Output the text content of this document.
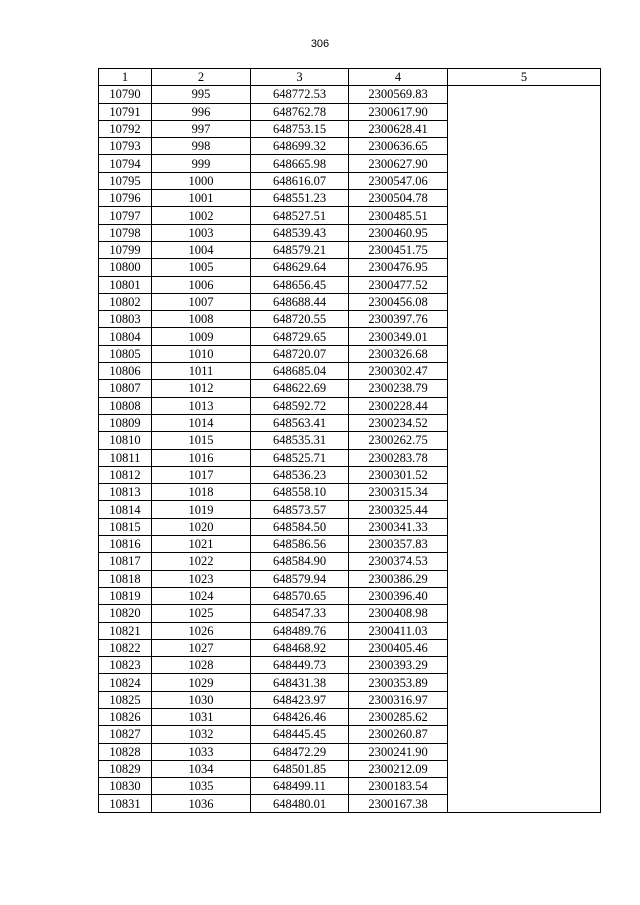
306
1	2	3	4	5
10790	995	648772.53	2300569.83	
10791	996	648762.78	2300617.90	
10792	997	648753.15	2300628.41	
10793	998	648699.32	2300636.65	
10794	999	648665.98	2300627.90	
10795	1000	648616.07	2300547.06	
10796	1001	648551.23	2300504.78	
10797	1002	648527.51	2300485.51	
10798	1003	648539.43	2300460.95	
10799	1004	648579.21	2300451.75	
10800	1005	648629.64	2300476.95	
10801	1006	648656.45	2300477.52	
10802	1007	648688.44	2300456.08	
10803	1008	648720.55	2300397.76	
10804	1009	648729.65	2300349.01	
10805	1010	648720.07	2300326.68	
10806	1011	648685.04	2300302.47	
10807	1012	648622.69	2300238.79	
10808	1013	648592.72	2300228.44	
10809	1014	648563.41	2300234.52	
10810	1015	648535.31	2300262.75	
10811	1016	648525.71	2300283.78	
10812	1017	648536.23	2300301.52	
10813	1018	648558.10	2300315.34	
10814	1019	648573.57	2300325.44	
10815	1020	648584.50	2300341.33	
10816	1021	648586.56	2300357.83	
10817	1022	648584.90	2300374.53	
10818	1023	648579.94	2300386.29	
10819	1024	648570.65	2300396.40	
10820	1025	648547.33	2300408.98	
10821	1026	648489.76	2300411.03	
10822	1027	648468.92	2300405.46	
10823	1028	648449.73	2300393.29	
10824	1029	648431.38	2300353.89	
10825	1030	648423.97	2300316.97	
10826	1031	648426.46	2300285.62	
10827	1032	648445.45	2300260.87	
10828	1033	648472.29	2300241.90	
10829	1034	648501.85	2300212.09	
10830	1035	648499.11	2300183.54	
10831	1036	648480.01	2300167.38	
